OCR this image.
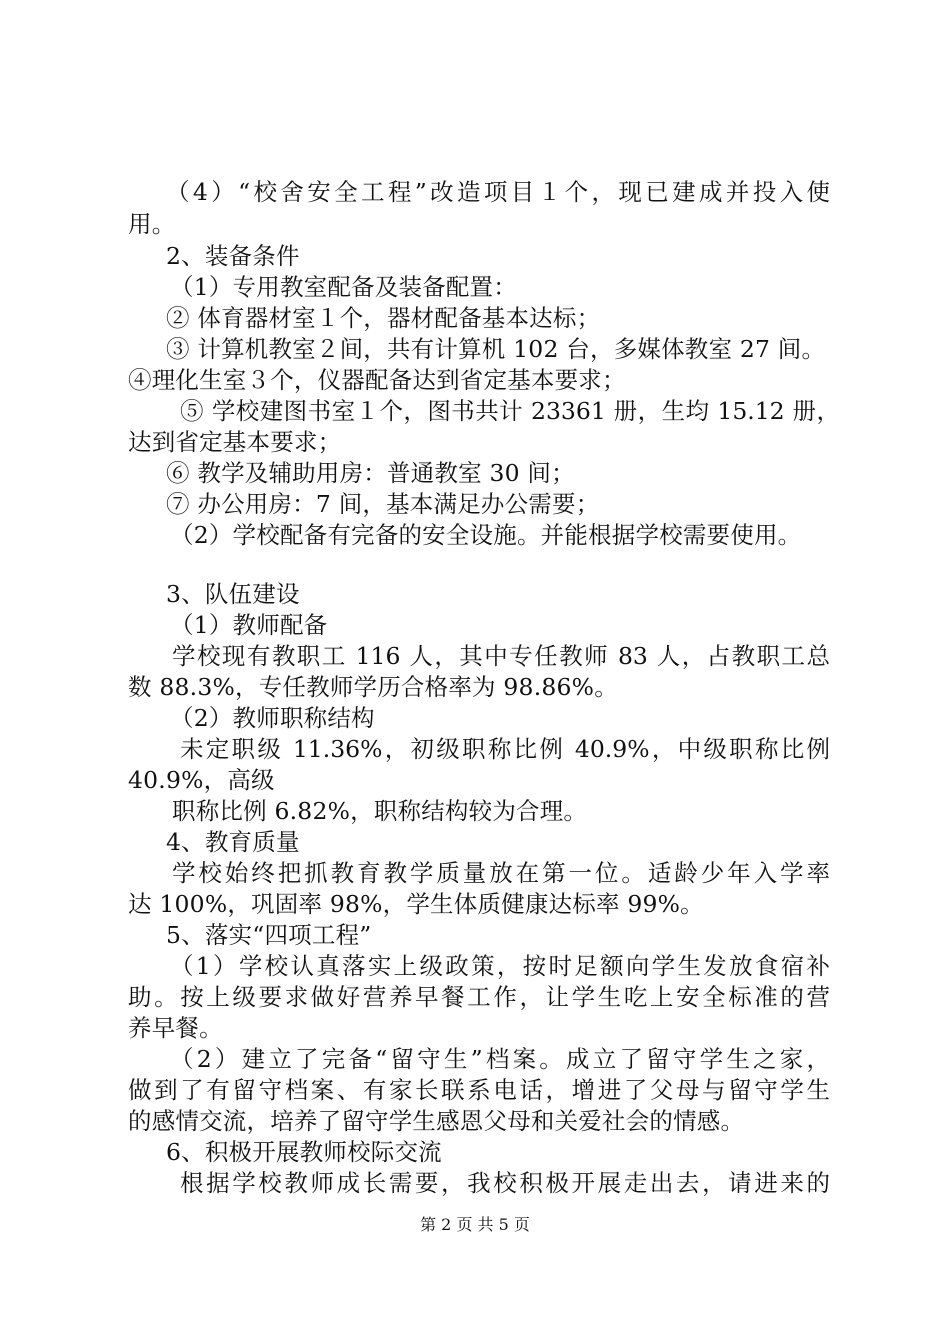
（4）“校舍安全工程”改造项目１个，现已建成并投入使
用。
2、装备条件
（1）专用教室配备及装备配置：
② 体育器材室１个，器材配备基本达标；
③ 计算机教室２间，共有计算机 102 台，多媒体教室 27 间。
④理化生室３个，仪器配备达到省定基本要求；
⑤ 学校建图书室１个，图书共计 23361 册，生均 15.12 册，
达到省定基本要求；
⑥ 教学及辅助用房：普通教室 30 间；
⑦ 办公用房：7 间，基本满足办公需要；
（2）学校配备有完备的安全设施。并能根据学校需要使用。
3、队伍建设
（1）教师配备
学校现有教职工 116 人，其中专任教师 83 人，占教职工总
数 88.3%，专任教师学历合格率为 98.86%。
（2）教师职称结构
未定职级 11.36%，初级职称比例 40.9%，中级职称比例
40.9%，高级
职称比例 6.82%，职称结构较为合理。
4、教育质量
学校始终把抓教育教学质量放在第一位。适龄少年入学率
达 100%，巩固率 98%，学生体质健康达标率 99%。
5、落实“四项工程”
（1）学校认真落实上级政策，按时足额向学生发放食宿补
助。按上级要求做好营养早餐工作，让学生吃上安全标准的营
养早餐。
（2）建立了完备“留守生”档案。成立了留守学生之家，
做到了有留守档案、有家长联系电话，增进了父母与留守学生
的感情交流，培养了留守学生感恩父母和关爱社会的情感。
6、积极开展教师校际交流
根据学校教师成长需要，我校积极开展走出去，请进来的
第 2 页 共 5 页
